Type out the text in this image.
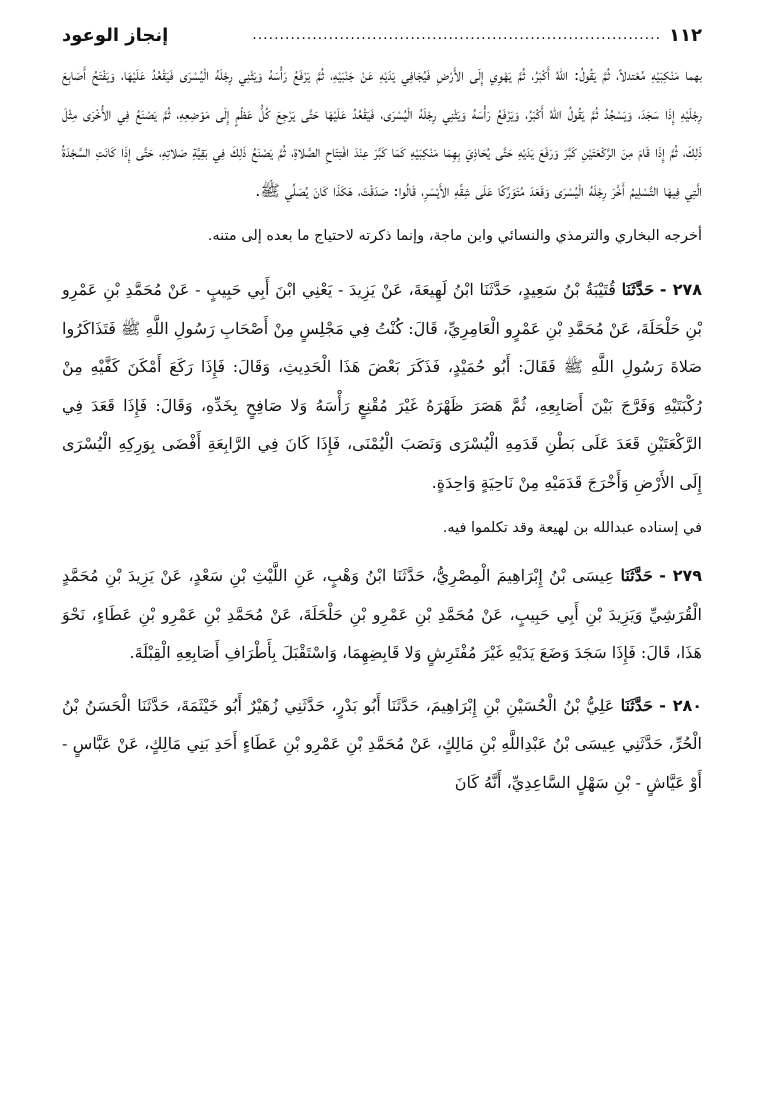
١١٢
...........................................................................
إنجاز الوعود

بهما مَنْكِبَيْهِ مُعْتدلاً، ثُمَّ يَقُولُ: اللهُ أَكْبَرُ، ثُمَّ يَهْوِي إِلَى الأَرْضِ فَيُجَافِي يَدَيْهِ عَنْ جَنْبَيْهِ، ثُمَّ يَرْفَعُ رَأْسَهُ وَيَثْنِي رِجْلَهُ الْيُسْرَى فَيَقْعُدُ عَلَيْهَا، وَيَفْتَحُ أَصَابِعَ رِجْلَيْهِ إِذَا سَجَدَ، وَيَسْجُدُ ثُمَّ يَقُولُ اللهُ أَكْبَرُ، وَيَرْفَعُ رَأْسَهُ وَيَثْنِي رِجْلَهُ الْيُسْرَى، فَيَقْعُدُ عَلَيْهَا حَتَّى يَرْجِعَ كُلُّ عَظْمٍ إِلَى مَوْضِعِهِ، ثُمَّ يَصْنَعُ فِي الأُخْرَى مِثْلَ ذَلِكَ، ثُمَّ إِذَا قَامَ مِنَ الرَّكْعَتَيْنِ كَبَّرَ وَرَفَعَ يَدَيْهِ حَتَّى يُحَاذِيَ بِهِمَا مَنْكِبَيْهِ كَمَا كَبَّرَ عِنْدَ افْتِتَاحِ الصَّلاةِ، ثُمَّ يَصْنَعُ ذَلِكَ فِي بَقِيَّةِ صَلاتِهِ، حَتَّى إِذَا كَانَتِ السَّجْدَةُ الَّتِي فِيهَا التَّسْلِيمُ أَخَّرَ رِجْلَهُ الْيُسْرَى وَقَعَدَ مُتَوَرِّكًا عَلَى شِقِّهِ الأَيْسَرِ، قَالُوا: صَدَقْتَ، هَكَذَا كَانَ يُصَلِّي ﷺ.

أخرجه البخاري والترمذي والنسائي وابن ماجة، وإنما ذكرته لاحتياج ما بعده إلى متنه.

٢٧٨ - حَدَّثَنَا قُتَيْبَةُ بْنُ سَعِيدٍ، حَدَّثَنَا ابْنُ لَهِيعَةَ، عَنْ يَزِيدَ - يَعْنِي ابْنَ أَبِي حَبِيبٍ - عَنْ مُحَمَّدِ بْنِ عَمْرِو بْنِ حَلْحَلَةَ، عَنْ مُحَمَّدِ بْنِ عَمْرٍو الْعَامِرِيِّ، قَالَ: كُنْتُ فِي مَجْلِسٍ مِنْ أَصْحَابِ رَسُولِ اللَّهِ ﷺ فَتَذَاكَرُوا صَلاةَ رَسُولِ اللَّهِ ﷺ فَقَالَ: أَبُو حُمَيْدٍ، فَذَكَرَ بَعْضَ هَذَا الْحَدِيثِ، وَقَالَ: فَإِذَا رَكَعَ أَمْكَنَ كَفَّيْهِ مِنْ رُكْبَتَيْهِ وَفَرَّجَ بَيْنَ أَصَابِعِهِ، ثُمَّ هَصَرَ ظَهْرَهُ غَيْرَ مُقْنِعٍ رَأْسَهُ وَلا صَافِحٍ بِخَدِّهِ، وَقَالَ: فَإِذَا قَعَدَ فِي الرَّكْعَتَيْنِ قَعَدَ عَلَى بَطْنِ قَدَمِهِ الْيُسْرَى وَنَصَبَ الْيُمْنَى، فَإِذَا كَانَ فِي الرَّابِعَةِ أَفْضَى بِوَرِكِهِ الْيُسْرَى إِلَى الأَرْضِ وَأَخْرَجَ قَدَمَيْهِ مِنْ نَاحِيَةٍ وَاحِدَةٍ.

في إسناده عبدالله بن لهيعة وقد تكلموا فيه.

٢٧٩ - حَدَّثَنَا عِيسَى بْنُ إِبْرَاهِيمَ الْمِصْرِيُّ، حَدَّثَنَا ابْنُ وَهْبٍ، عَنِ اللَّيْثِ بْنِ سَعْدٍ، عَنْ يَزِيدَ بْنِ مُحَمَّدٍ الْقُرَشِيِّ وَيَزِيدَ بْنِ أَبِي حَبِيبٍ، عَنْ مُحَمَّدِ بْنِ عَمْرِو بْنِ حَلْحَلَةَ، عَنْ مُحَمَّدِ بْنِ عَمْرِو بْنِ عَطَاءٍ، نَحْوَ هَذَا، قَالَ: فَإِذَا سَجَدَ وَضَعَ يَدَيْهِ غَيْرَ مُفْتَرِشٍ وَلا قَابِضِهِمَا، وَاسْتَقْبَلَ بِأَطْرَافِ أَصَابِعِهِ الْقِبْلَةَ.

٢٨٠ - حَدَّثَنَا عَلِيُّ بْنُ الْحُسَيْنِ بْنِ إِبْرَاهِيمَ، حَدَّثَنَا أَبُو بَدْرٍ، حَدَّثَنِي زُهَيْرٌ أَبُو خَيْثَمَةَ، حَدَّثَنَا الْحَسَنُ بْنُ الْحُرِّ، حَدَّثَنِي عِيسَى بْنُ عَبْدِاللَّهِ بْنِ مَالِكٍ، عَنْ مُحَمَّدِ بْنِ عَمْرِو بْنِ عَطَاءٍ أَحَدِ بَنِي مَالِكٍ، عَنْ عَبَّاسٍ - أَوْ عَيَّاشٍ - بْنِ سَهْلٍ السَّاعِدِيِّ، أَنَّهُ كَانَ
